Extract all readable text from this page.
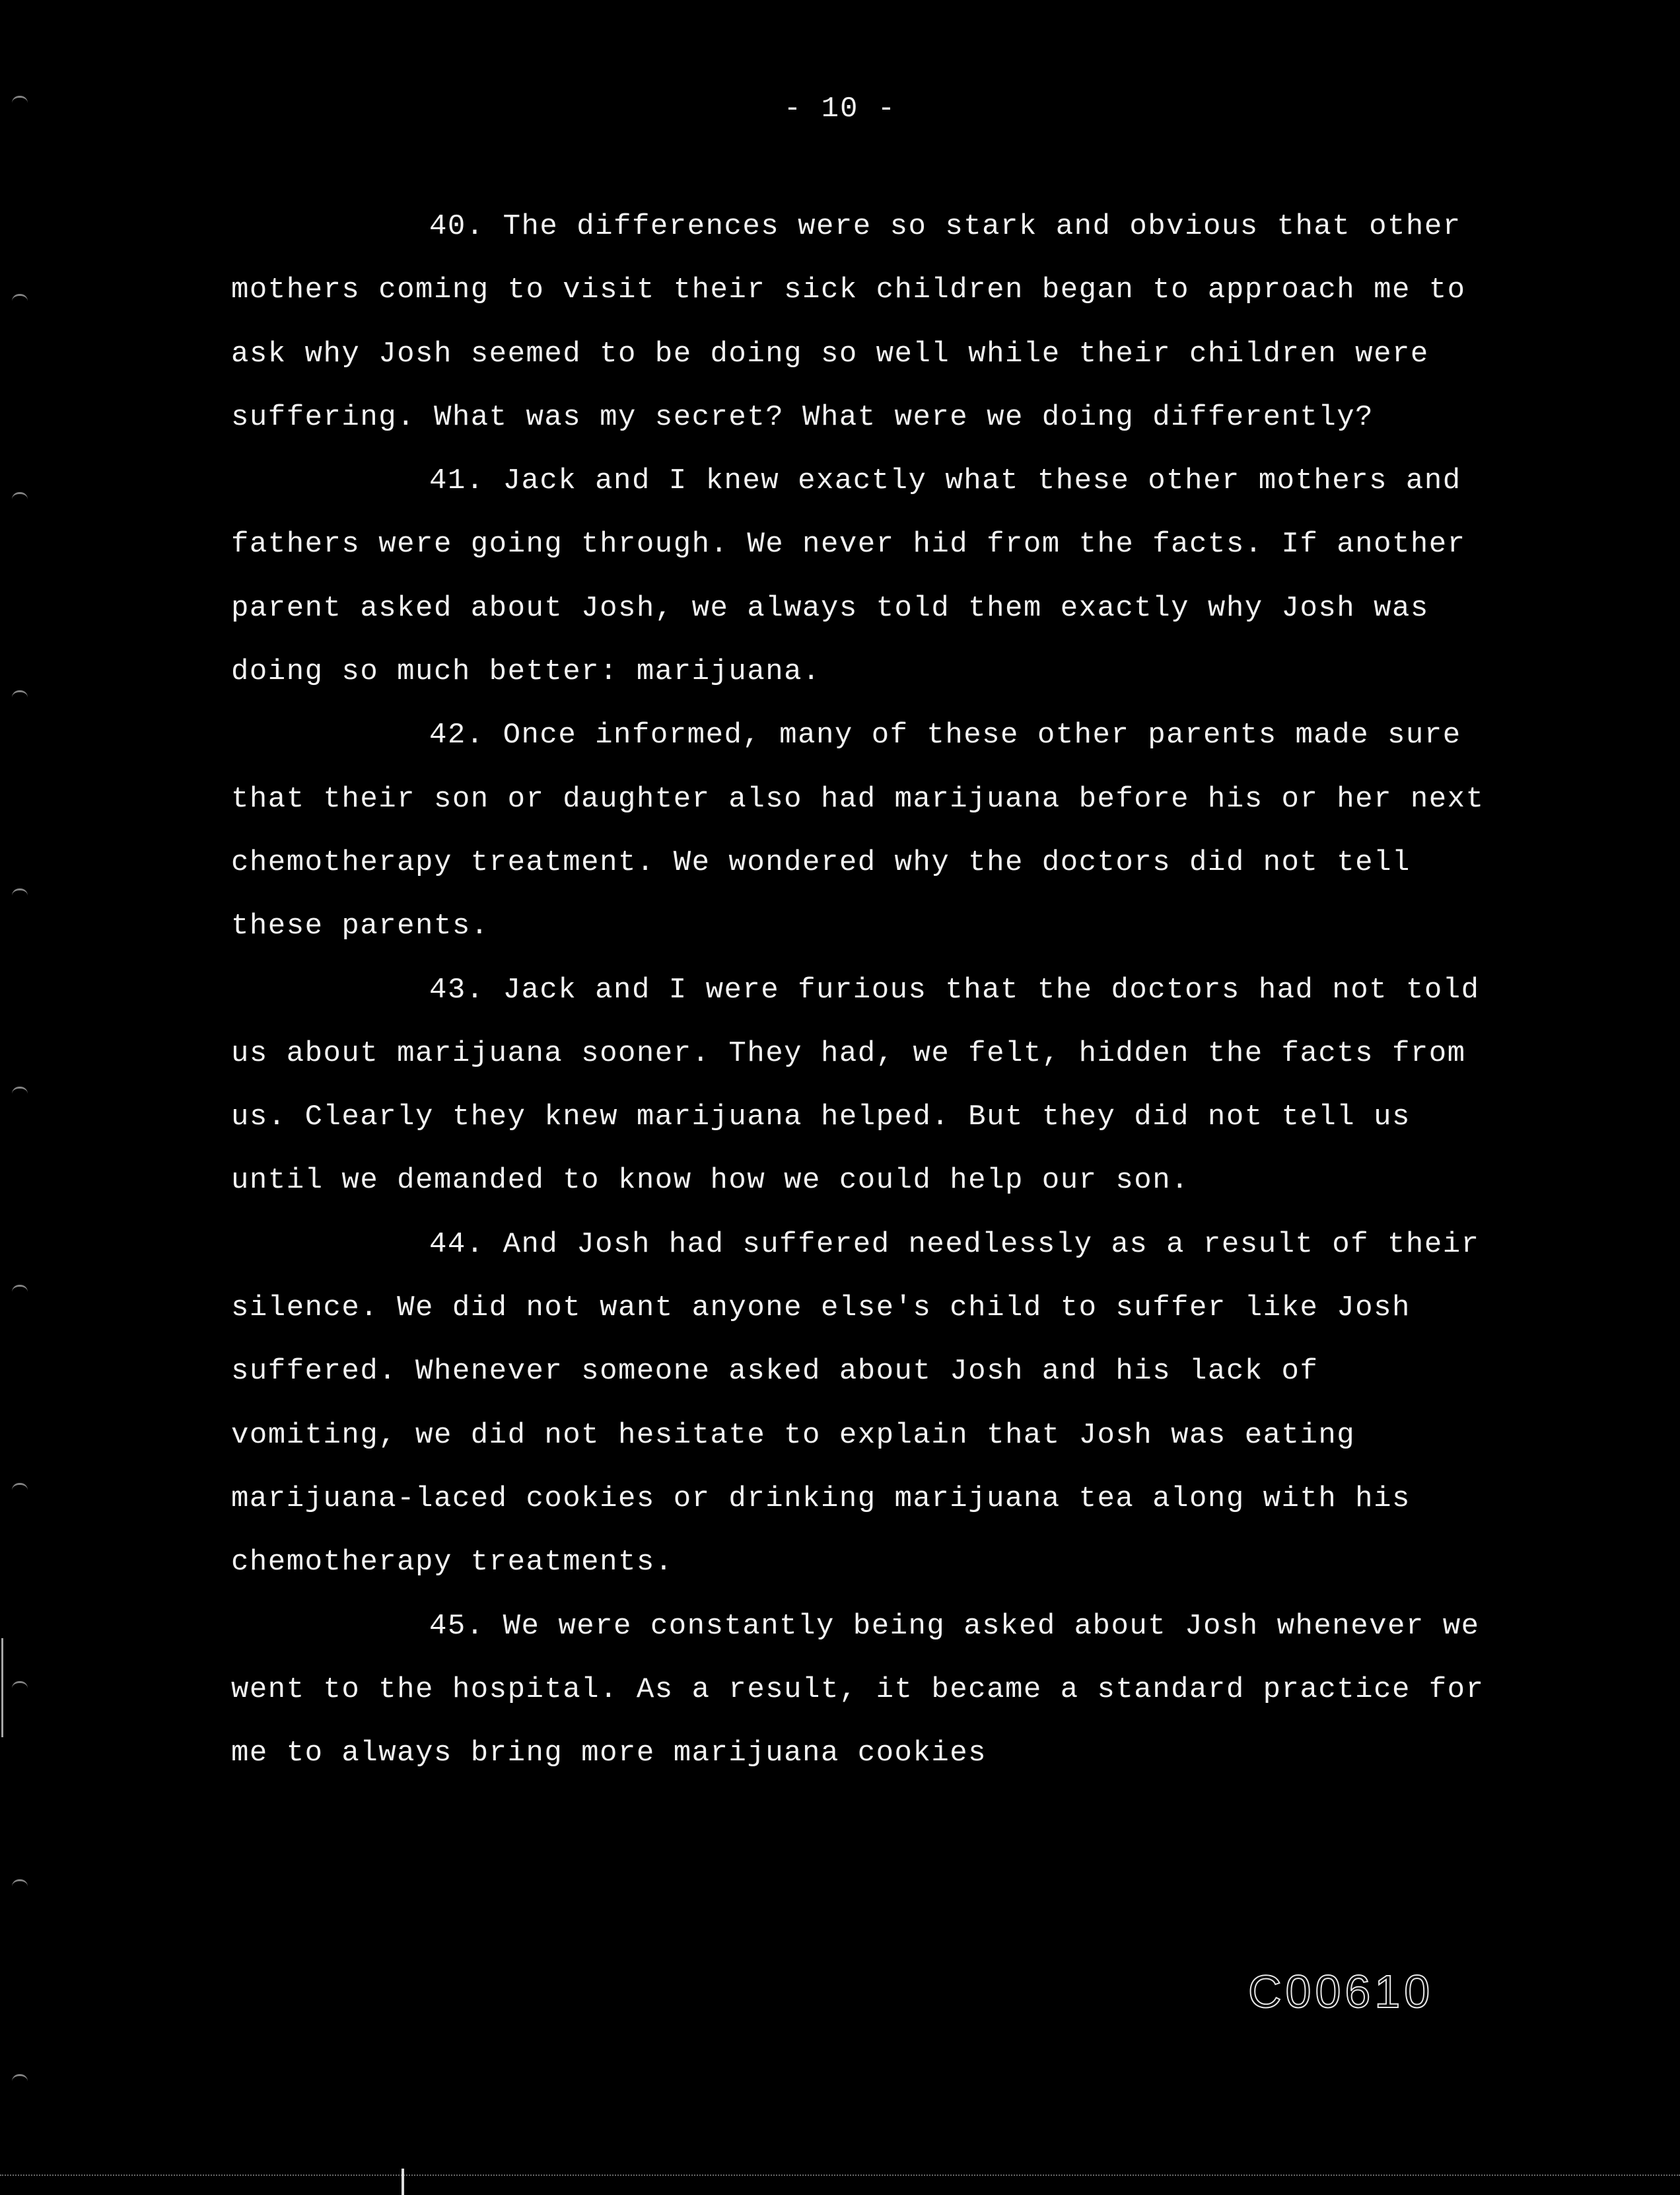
- 10 -

40. The differences were so stark and obvious that other mothers coming to visit their sick children began to approach me to ask why Josh seemed to be doing so well while their children were suffering. What was my secret? What were we doing differently?

41. Jack and I knew exactly what these other mothers and fathers were going through. We never hid from the facts. If another parent asked about Josh, we always told them exactly why Josh was doing so much better: marijuana.

42. Once informed, many of these other parents made sure that their son or daughter also had marijuana before his or her next chemotherapy treatment. We wondered why the doctors did not tell these parents.

43. Jack and I were furious that the doctors had not told us about marijuana sooner. They had, we felt, hidden the facts from us. Clearly they knew marijuana helped. But they did not tell us until we demanded to know how we could help our son.

44. And Josh had suffered needlessly as a result of their silence. We did not want anyone else's child to suffer like Josh suffered. Whenever someone asked about Josh and his lack of vomiting, we did not hesitate to explain that Josh was eating marijuana-laced cookies or drinking marijuana tea along with his chemotherapy treatments.

45. We were constantly being asked about Josh whenever we went to the hospital. As a result, it became a standard practice for me to always bring more marijuana cookies

C00610
